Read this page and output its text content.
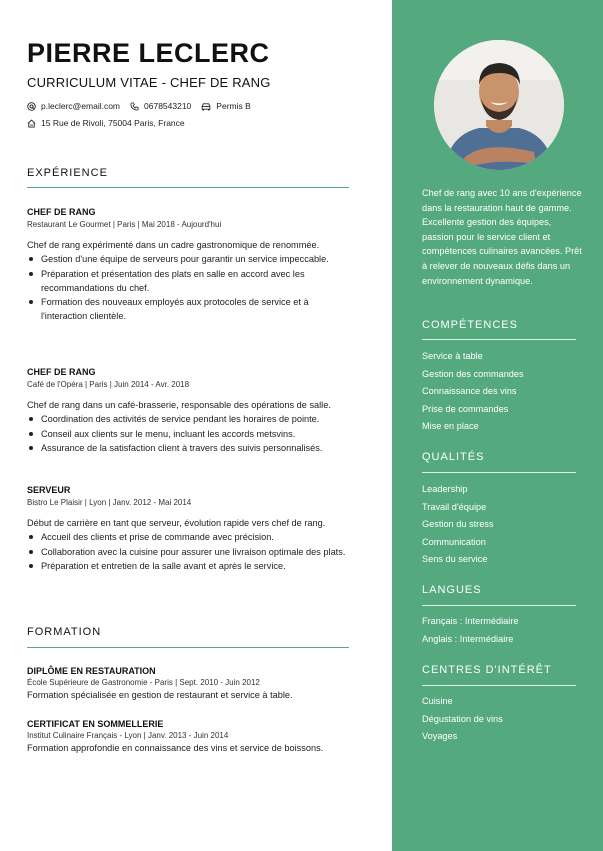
PIERRE LECLERC
CURRICULUM VITAE - CHEF DE RANG
p.leclerc@email.com	0678543210	Permis B
15 Rue de Rivoli, 75004 Paris, France
EXPÉRIENCE
CHEF DE RANG
Restaurant Le Gourmet | Paris | Mai 2018 - Aujourd'hui
Chef de rang expérimenté dans un cadre gastronomique de renommée.
Gestion d'une équipe de serveurs pour garantir un service impeccable.
Préparation et présentation des plats en salle en accord avec les recommandations du chef.
Formation des nouveaux employés aux protocoles de service et à l'interaction clientèle.
CHEF DE RANG
Café de l'Opéra | Paris | Juin 2014 - Avr. 2018
Chef de rang dans un café-brasserie, responsable des opérations de salle.
Coordination des activités de service pendant les horaires de pointe.
Conseil aux clients sur le menu, incluant les accords metsvins.
Assurance de la satisfaction client à travers des suivis personnalisés.
SERVEUR
Bistro Le Plaisir | Lyon | Janv. 2012 - Mai 2014
Début de carrière en tant que serveur, évolution rapide vers chef de rang.
Accueil des clients et prise de commande avec précision.
Collaboration avec la cuisine pour assurer une livraison optimale des plats.
Préparation et entretien de la salle avant et après le service.
FORMATION
DIPLÔME EN RESTAURATION
École Supérieure de Gastronomie - Paris | Sept. 2010 - Juin 2012
Formation spécialisée en gestion de restaurant et service à table.
CERTIFICAT EN SOMMELLERIE
Institut Culinaire Français - Lyon | Janv. 2013 - Juin 2014
Formation approfondie en connaissance des vins et service de boissons.
Chef de rang avec 10 ans d'expérience dans la restauration haut de gamme. Excellente gestion des équipes, passion pour le service client et compétences culinaires avancées. Prêt à relever de nouveaux défis dans un environnement dynamique.
COMPÉTENCES
Service à table
Gestion des commandes
Connaissance des vins
Prise de commandes
Mise en place
QUALITÉS
Leadership
Travail d'équipe
Gestion du stress
Communication
Sens du service
LANGUES
Français : Intermédiaire
Anglais : Intermédiaire
CENTRES D'INTÉRÊT
Cuisine
Dégustation de vins
Voyages
